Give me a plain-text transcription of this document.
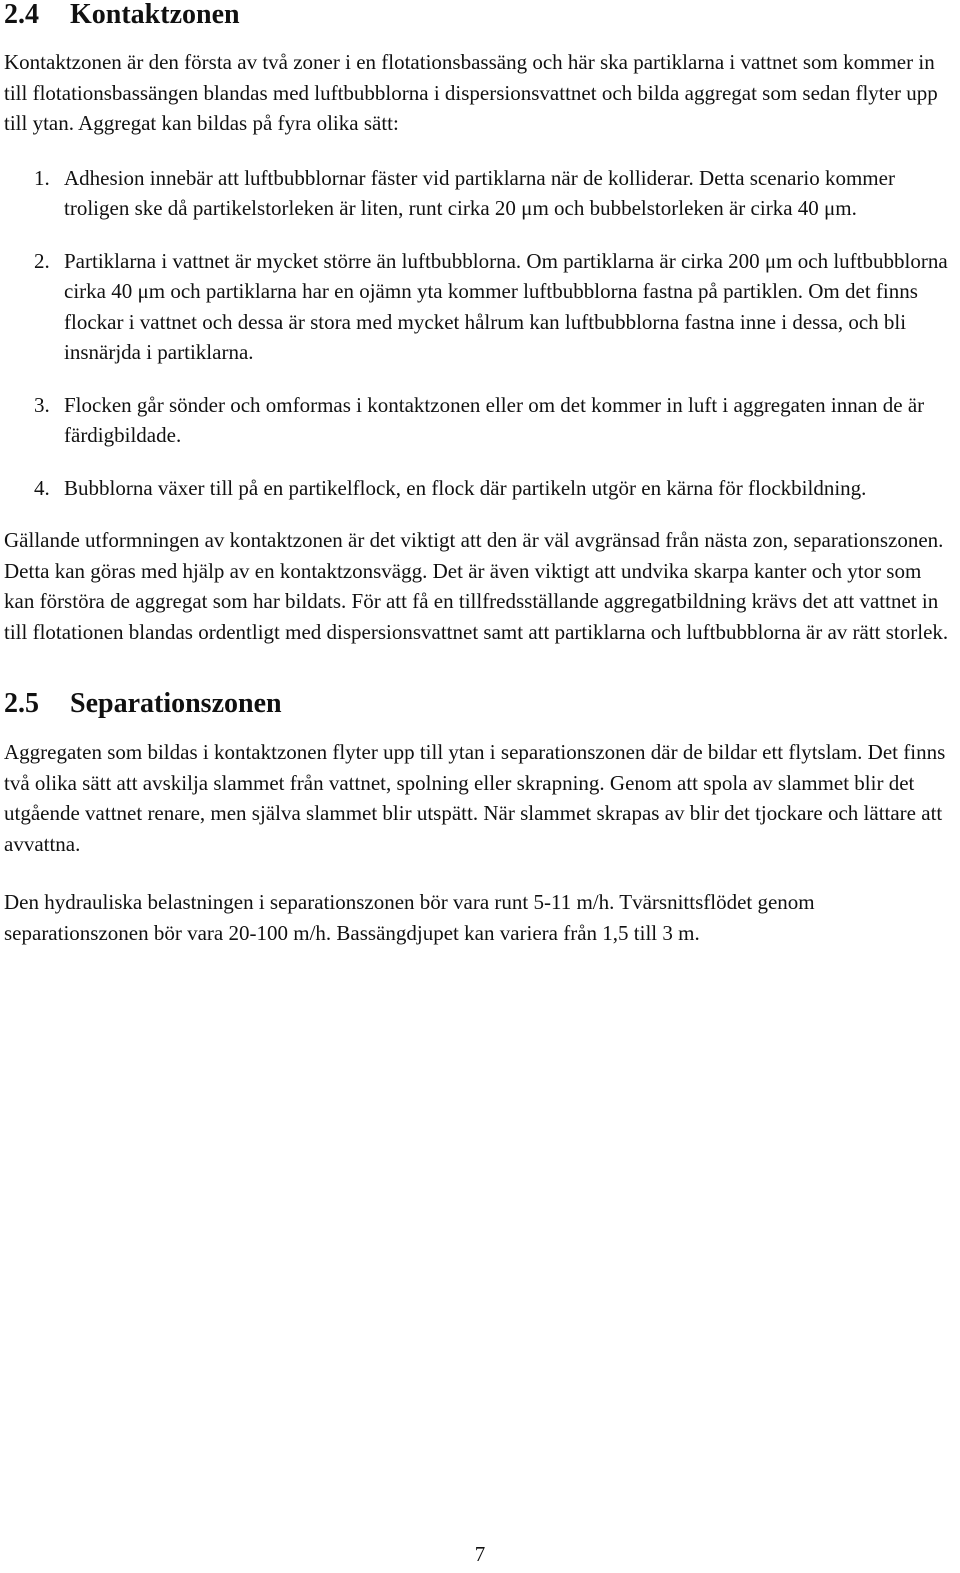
2.4 Kontaktzonen

Kontaktzonen är den första av två zoner i en flotationsbassäng och här ska partiklarna i vattnet som kommer in till flotationsbassängen blandas med luftbubblorna i dispersionsvattnet och bilda aggregat som sedan flyter upp till ytan. Aggregat kan bildas på fyra olika sätt:

1. Adhesion innebär att luftbubblornar fäster vid partiklarna när de kolliderar. Detta scenario kommer troligen ske då partikelstorleken är liten, runt cirka 20 μm och bubbelstorleken är cirka 40 μm.
2. Partiklarna i vattnet är mycket större än luftbubblorna. Om partiklarna är cirka 200 μm och luftbubblorna cirka 40 μm och partiklarna har en ojämn yta kommer luftbubblorna fastna på partiklen. Om det finns flockar i vattnet och dessa är stora med mycket hålrum kan luftbubblorna fastna inne i dessa, och bli insnärjda i partiklarna.
3. Flocken går sönder och omformas i kontaktzonen eller om det kommer in luft i aggregaten innan de är färdigbildade.
4. Bubblorna växer till på en partikelflock, en flock där partikeln utgör en kärna för flockbildning.

Gällande utformningen av kontaktzonen är det viktigt att den är väl avgränsad från nästa zon, separationszonen. Detta kan göras med hjälp av en kontaktzonsvägg. Det är även viktigt att undvika skarpa kanter och ytor som kan förstöra de aggregat som har bildats. För att få en tillfredsställande aggregatbildning krävs det att vattnet in till flotationen blandas ordentligt med dispersionsvattnet samt att partiklarna och luftbubblorna är av rätt storlek.

2.5 Separationszonen

Aggregaten som bildas i kontaktzonen flyter upp till ytan i separationszonen där de bildar ett flytslam. Det finns två olika sätt att avskilja slammet från vattnet, spolning eller skrapning. Genom att spola av slammet blir det utgående vattnet renare, men själva slammet blir utspätt. När slammet skrapas av blir det tjockare och lättare att avvattna.

Den hydrauliska belastningen i separationszonen bör vara runt 5-11 m/h. Tvärsnittsflödet genom separationszonen bör vara 20-100 m/h. Bassängdjupet kan variera från 1,5 till 3 m.

7
